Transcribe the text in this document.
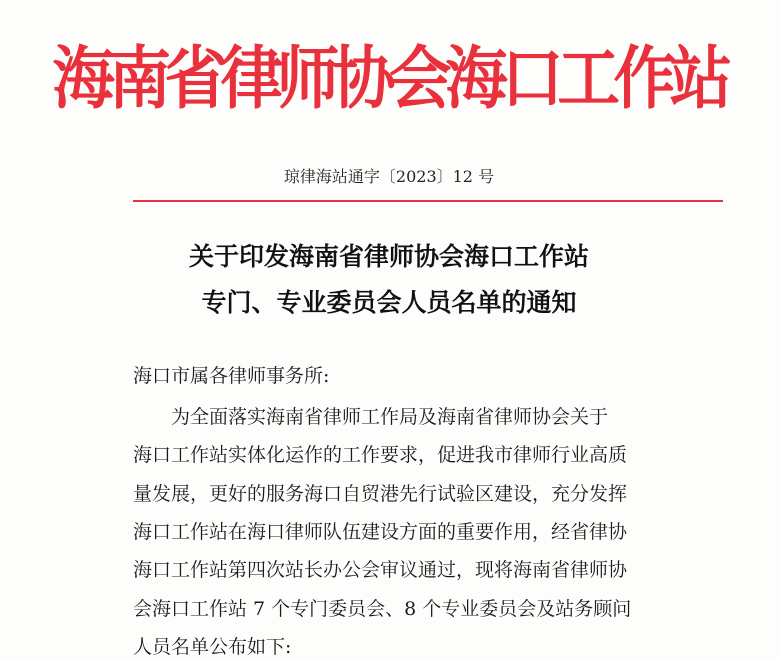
海南省律师协会海口工作站
琼律海站通字〔2023〕12 号
关于印发海南省律师协会海口工作站
专门、专业委员会人员名单的通知
海口市属各律师事务所:
为全面落实海南省律师工作局及海南省律师协会关于
海口工作站实体化运作的工作要求，促进我市律师行业高质
量发展，更好的服务海口自贸港先行试验区建设，充分发挥
海口工作站在海口律师队伍建设方面的重要作用，经省律协
海口工作站第四次站长办公会审议通过，现将海南省律师协
会海口工作站 7 个专门委员会、8 个专业委员会及站务顾问
人员名单公布如下:
